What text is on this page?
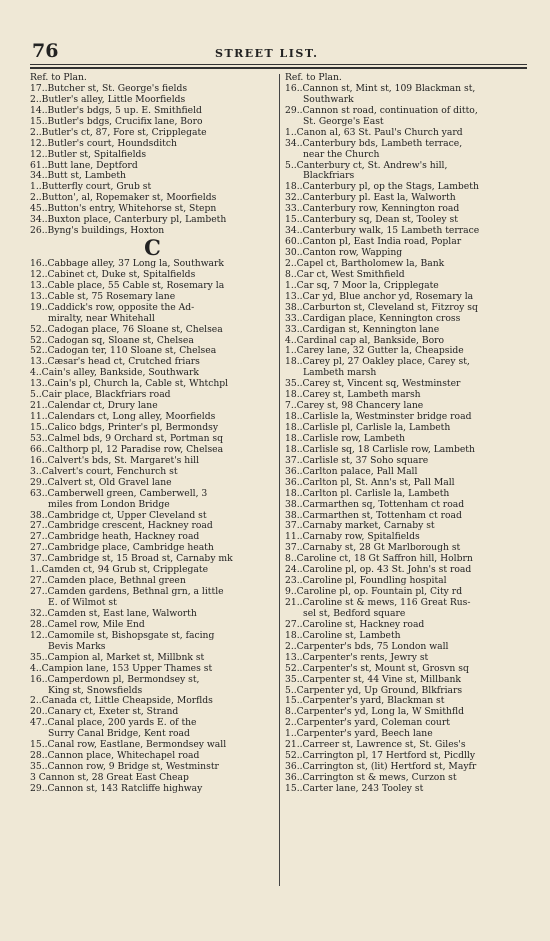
76	STREET LIST.
Ref. to Plan.
17..Butcher st, St. George's fields
2..Butler's alley, Little Moorfields
14..Butler's bdgs, 5 up. E. Smithfield
15..Butler's bdgs, Crucifix lane, Boro
2..Butler's ct, 87, Fore st, Cripplegate
12..Butler's court, Houndsditch
12..Butler st, Spitalfields
61..Butt lane, Deptford
34..Butt st, Lambeth
1..Butterfly court, Grub st
2..Button', al, Ropemaker st, Moorfields
45..Button's entry, Whitehorse st, Stepn
34..Buxton place, Canterbury pl, Lambeth
26..Byng's buildings, Hoxton
C
16..Cabbage alley, 37 Long la, Southwark
12..Cabinet ct, Duke st, Spitalfields
13..Cable place, 55 Cable st, Rosemary la
13..Cable st, 75 Rosemary lane
19..Caddick's row, opposite the Ad-
miralty, near Whitehall
52..Cadogan place, 76 Sloane st, Chelsea
52..Cadogan sq, Sloane st, Chelsea
52..Cadogan ter, 110 Sloane st, Chelsea
13..Cæsar's head ct, Crutched friars
4..Cain's alley, Bankside, Southwark
13..Cain's pl, Church la, Cable st, Whtchpl
5..Cair place, Blackfriars road
21..Calendar ct, Drury lane
11..Calendars ct, Long alley, Moorfields
15..Calico bdgs, Printer's pl, Bermondsy
53..Calmel bds, 9 Orchard st, Portman sq
66..Calthorp pl, 12 Paradise row, Chelsea
16..Calvert's bds, St. Margaret's hill
3..Calvert's court, Fenchurch st
29..Calvert st, Old Gravel lane
63..Camberwell green, Camberwell, 3
miles from London Bridge
38..Cambridge ct, Upper Cleveland st
27..Cambridge crescent, Hackney road
27..Cambridge heath, Hackney road
27..Cambridge place, Cambridge heath
37..Cambridge st, 15 Broad st, Carnaby mk
1..Camden ct, 94 Grub st, Cripplegate
27..Camden place, Bethnal green
27..Camden gardens, Bethnal grn, a little
E. of Wilmot st
32..Camden st, East lane, Walworth
28..Camel row, Mile End
12..Camomile st, Bishopsgate st, facing
Bevis Marks
35..Campion al, Market st, Millbnk st
4..Campion lane, 153 Upper Thames st
16..Camperdown pl, Bermondsey st,
King st, Snowsfields
2..Canada ct, Little Cheapside, Morflds
20..Canary ct, Exeter st, Strand
47..Canal place, 200 yards E. of the
Surry Canal Bridge, Kent road
15..Canal row, Eastlane, Bermondsey wall
28..Cannon place, Whitechapel road
35..Cannon row, 9 Bridge st, Westminstr
3 Cannon st, 28 Great East Cheap
29..Cannon st, 143 Ratcliffe highway
Ref. to Plan.
16..Cannon st, Mint st, 109 Blackman st,
Southwark
29..Cannon st road, continuation of ditto,
St. George's East
1..Canon al, 63 St. Paul's Church yard
34..Canterbury bds, Lambeth terrace,
near the Church
5..Canterbury ct, St. Andrew's hill,
Blackfriars
18..Canterbury pl, op the Stags, Lambeth
32..Canterbury pl. East la, Walworth
33..Canterbury row, Kennington road
15..Canterbury sq, Dean st, Tooley st
34..Canterbury walk, 15 Lambeth terrace
60..Canton pl, East India road, Poplar
30..Canton row, Wapping
2..Capel ct, Bartholomew la, Bank
8..Car ct, West Smithfield
1..Car sq, 7 Moor la, Cripplegate
13..Car yd, Blue anchor yd, Rosemary la
38..Carburton st, Cleveland st, Fitzroy sq
33..Cardigan place, Kennington cross
33..Cardigan st, Kennington lane
4..Cardinal cap al, Bankside, Boro
1..Carey lane, 32 Gutter la, Cheapside
18..Carey pl, 27 Oakley place, Carey st,
Lambeth marsh
35..Carey st, Vincent sq, Westminster
18..Carey st, Lambeth marsh
7..Carey st, 98 Chancery lane
18..Carlisle la, Westminster bridge road
18..Carlisle pl, Carlisle la, Lambeth
18..Carlisle row, Lambeth
18..Carlisle sq, 18 Carlisle row, Lambeth
37..Carlisle st, 37 Soho square
36..Carlton palace, Pall Mall
36..Carlton pl, St. Ann's st, Pall Mall
18..Carlton pl. Carlisle la, Lambeth
38..Carmarthen sq, Tottenham ct road
38..Carmarthen st, Tottenham ct road
37..Carnaby market, Carnaby st
11..Carnaby row, Spitalfields
37..Carnaby st, 28 Gt Marlborough st
8..Caroline ct, 18 Gt Saffron hill, Holbrn
24..Caroline pl, op. 43 St. John's st road
23..Caroline pl, Foundling hospital
9..Caroline pl, op. Fountain pl, City rd
21..Caroline st & mews, 116 Great Rus-
sel st, Bedford square
27..Caroline st, Hackney road
18..Caroline st, Lambeth
2..Carpenter's bds, 75 London wall
13..Carpenter's rents, Jewry st
52..Carpenter's st, Mount st, Grosvn sq
35..Carpenter st, 44 Vine st, Millbank
5..Carpenter yd, Up Ground, Blkfriars
15..Carpenter's yard, Blackman st
8..Carpenter's yd, Long la, W Smithfld
2..Carpenter's yard, Coleman court
1..Carpenter's yard, Beech lane
21..Carreer st, Lawrence st, St. Giles's
52..Carrington pl, 17 Hertford st, Picdlly
36..Carrington st, (lit) Hertford st, Mayfr
36..Carrington st & mews, Curzon st
15..Carter lane, 243 Tooley st
